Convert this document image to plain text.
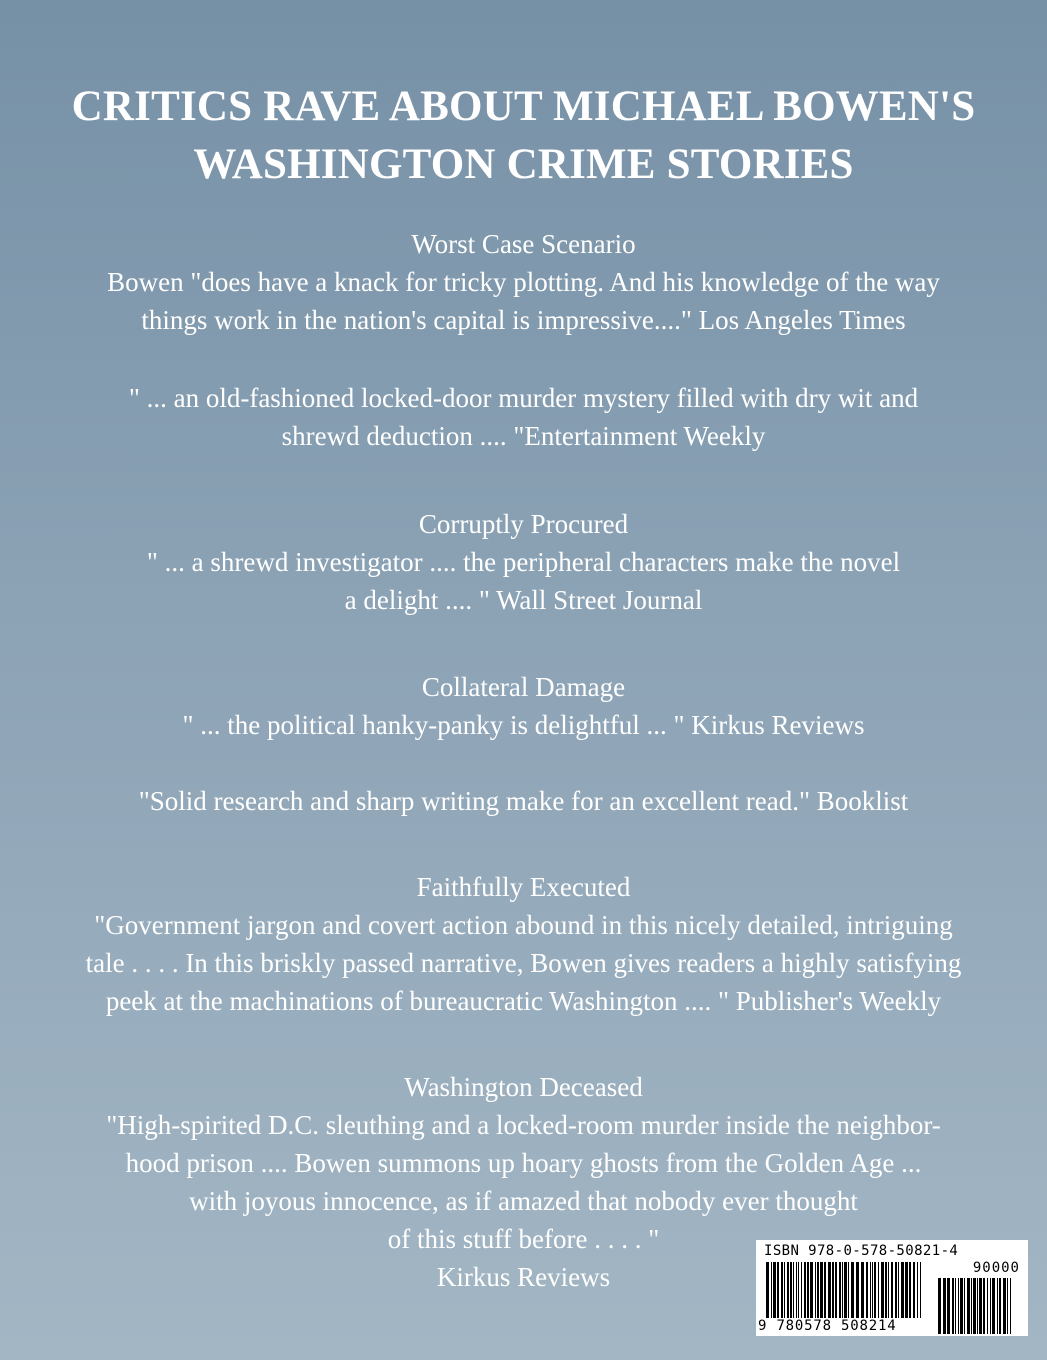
CRITICS RAVE ABOUT MICHAEL BOWEN'S
WASHINGTON CRIME STORIES
Worst Case Scenario
Bowen "does have a knack for tricky plotting. And his knowledge of the way
things work in the nation's capital is impressive...." Los Angeles Times
" ... an old-fashioned locked-door murder mystery filled with dry wit and
shrewd deduction .... "Entertainment Weekly
Corruptly Procured
" ... a shrewd investigator .... the peripheral characters make the novel
a delight .... " Wall Street Journal
Collateral Damage
" ... the political hanky-panky is delightful ... " Kirkus Reviews
"Solid research and sharp writing make for an excellent read." Booklist
Faithfully Executed
"Government jargon and covert action abound in this nicely detailed, intriguing
tale . . . . In this briskly passed narrative, Bowen gives readers a highly satisfying
peek at the machinations of bureaucratic Washington .... " Publisher's Weekly
Washington Deceased
"High-spirited D.C. sleuthing and a locked-room murder inside the neighbor-
hood prison .... Bowen summons up hoary ghosts from the Golden Age ...
with joyous innocence, as if amazed that nobody ever thought
of this stuff before . . . . "
Kirkus Reviews
ISBN 978-0-578-50821-4
90000
9 780578 508214
